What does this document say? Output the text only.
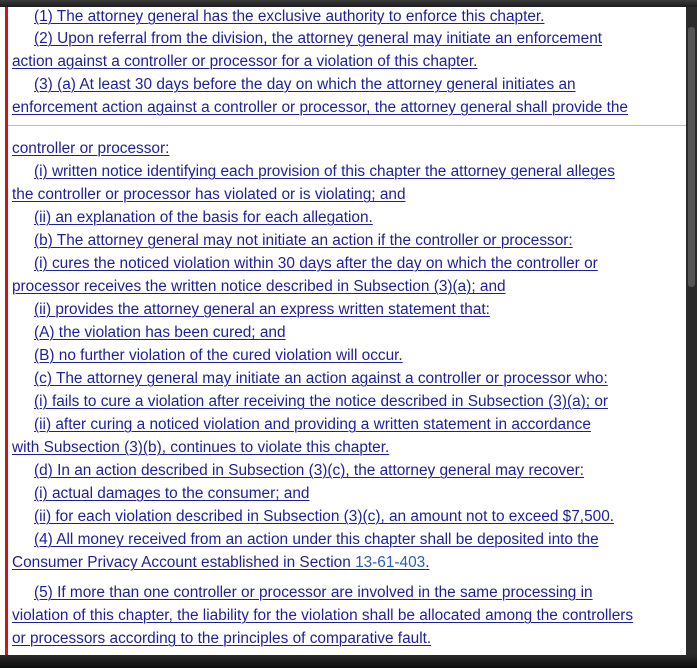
(1) The attorney general has the exclusive authority to enforce this chapter.
(2) Upon referral from the division, the attorney general may initiate an enforcement
action against a controller or processor for a violation of this chapter.
(3) (a) At least 30 days before the day on which the attorney general initiates an
enforcement action against a controller or processor, the attorney general shall provide the
controller or processor:
(i) written notice identifying each provision of this chapter the attorney general alleges
the controller or processor has violated or is violating; and
(ii) an explanation of the basis for each allegation.
(b) The attorney general may not initiate an action if the controller or processor:
(i) cures the noticed violation within 30 days after the day on which the controller or
processor receives the written notice described in Subsection (3)(a); and
(ii) provides the attorney general an express written statement that:
(A) the violation has been cured; and
(B) no further violation of the cured violation will occur.
(c) The attorney general may initiate an action against a controller or processor who:
(i) fails to cure a violation after receiving the notice described in Subsection (3)(a); or
(ii) after curing a noticed violation and providing a written statement in accordance
with Subsection (3)(b), continues to violate this chapter.
(d) In an action described in Subsection (3)(c), the attorney general may recover:
(i) actual damages to the consumer; and
(ii) for each violation described in Subsection (3)(c), an amount not to exceed $7,500.
(4) All money received from an action under this chapter shall be deposited into the
Consumer Privacy Account established in Section 13-61-403.
(5) If more than one controller or processor are involved in the same processing in
violation of this chapter, the liability for the violation shall be allocated among the controllers
or processors according to the principles of comparative fault.
